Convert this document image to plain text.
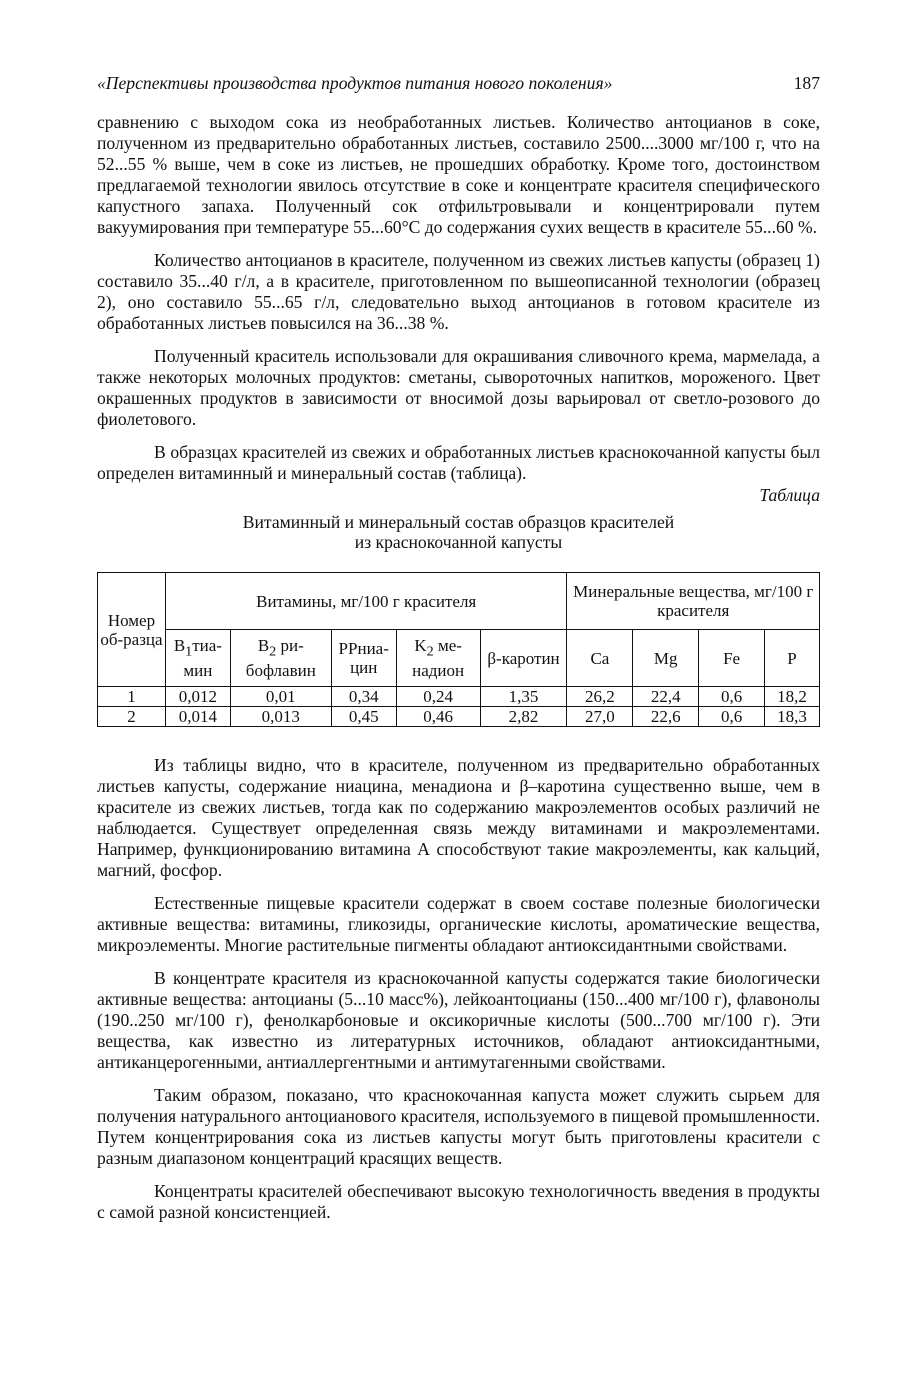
«Перспективы производства продуктов питания нового поколения»	187

сравнению с выходом сока из необработанных листьев. Количество антоцианов в соке, полученном из предварительно обработанных листьев, составило 2500....3000 мг/100 г, что на 52...55 % выше, чем в соке из листьев, не прошедших обработку. Кроме того, достоинством предлагаемой технологии явилось отсутствие в соке и концентрате красителя специфического капустного запаха. Полученный сок отфильтровывали и концентрировали путем вакуумирования при температуре 55...60°С до содержания сухих веществ в красителе 55...60 %.

Количество антоцианов в красителе, полученном из свежих листьев капусты (образец 1) составило 35...40 г/л, а в красителе, приготовленном по вышеописанной технологии (образец 2), оно составило 55...65 г/л, следовательно выход антоцианов в готовом красителе из обработанных листьев повысился на 36...38 %.

Полученный краситель использовали для окрашивания сливочного крема, мармелада, а также некоторых молочных продуктов: сметаны, сывороточных напитков, мороженого. Цвет окрашенных продуктов в зависимости от вносимой дозы варьировал от светло-розового до фиолетового.

В образцах красителей из свежих и обработанных листьев краснокочанной капусты был определен витаминный и минеральный состав (таблица).

Таблица
Витаминный и минеральный состав образцов красителей
из краснокочанной капусты
Номер об-разца	Витамины, мг/100 г красителя					Минеральные вещества, мг/100 г красителя			
	$B_1тиа$-мин	$B_2$ ри-бофлавин	PPниа-цин	$K_2$ ме-надион	β-каротин	Ca	Mg	Fe	P
1	0,012	0,01	0,34	0,24	1,35	26,2	22,4	0,6	18,2
2	0,014	0,013	0,45	0,46	2,82	27,0	22,6	0,6	18,3

Из таблицы видно, что в красителе, полученном из предварительно обработанных листьев капусты, содержание ниацина, менадиона и β–каротина существенно выше, чем в красителе из свежих листьев, тогда как по содержанию макроэлементов особых различий не наблюдается. Существует определенная связь между витаминами и макроэлементами. Например, функционированию витамина А способствуют такие макроэлементы, как кальций, магний, фосфор.

Естественные пищевые красители содержат в своем составе полезные биологически активные вещества: витамины, гликозиды, органические кислоты, ароматические вещества, микроэлементы. Многие растительные пигменты обладают антиоксидантными свойствами.

В концентрате красителя из краснокочанной капусты содержатся такие биологически активные вещества: антоцианы (5...10 масс%), лейкоантоцианы (150...400 мг/100 г), флавонолы (190..250 мг/100 г), фенолкарбоновые и оксикоричные кислоты (500...700 мг/100 г). Эти вещества, как известно из литературных источников, обладают антиоксидантными, антиканцерогенными, антиаллергентными и антимутагенными свойствами.

Таким образом, показано, что краснокочанная капуста может служить сырьем для получения натурального антоцианового красителя, используемого в пищевой промышленности. Путем концентрирования сока из листьев капусты могут быть приготовлены красители с разным диапазоном концентраций красящих веществ.

Концентраты красителей обеспечивают высокую технологичность введения в продукты с самой разной консистенцией.
